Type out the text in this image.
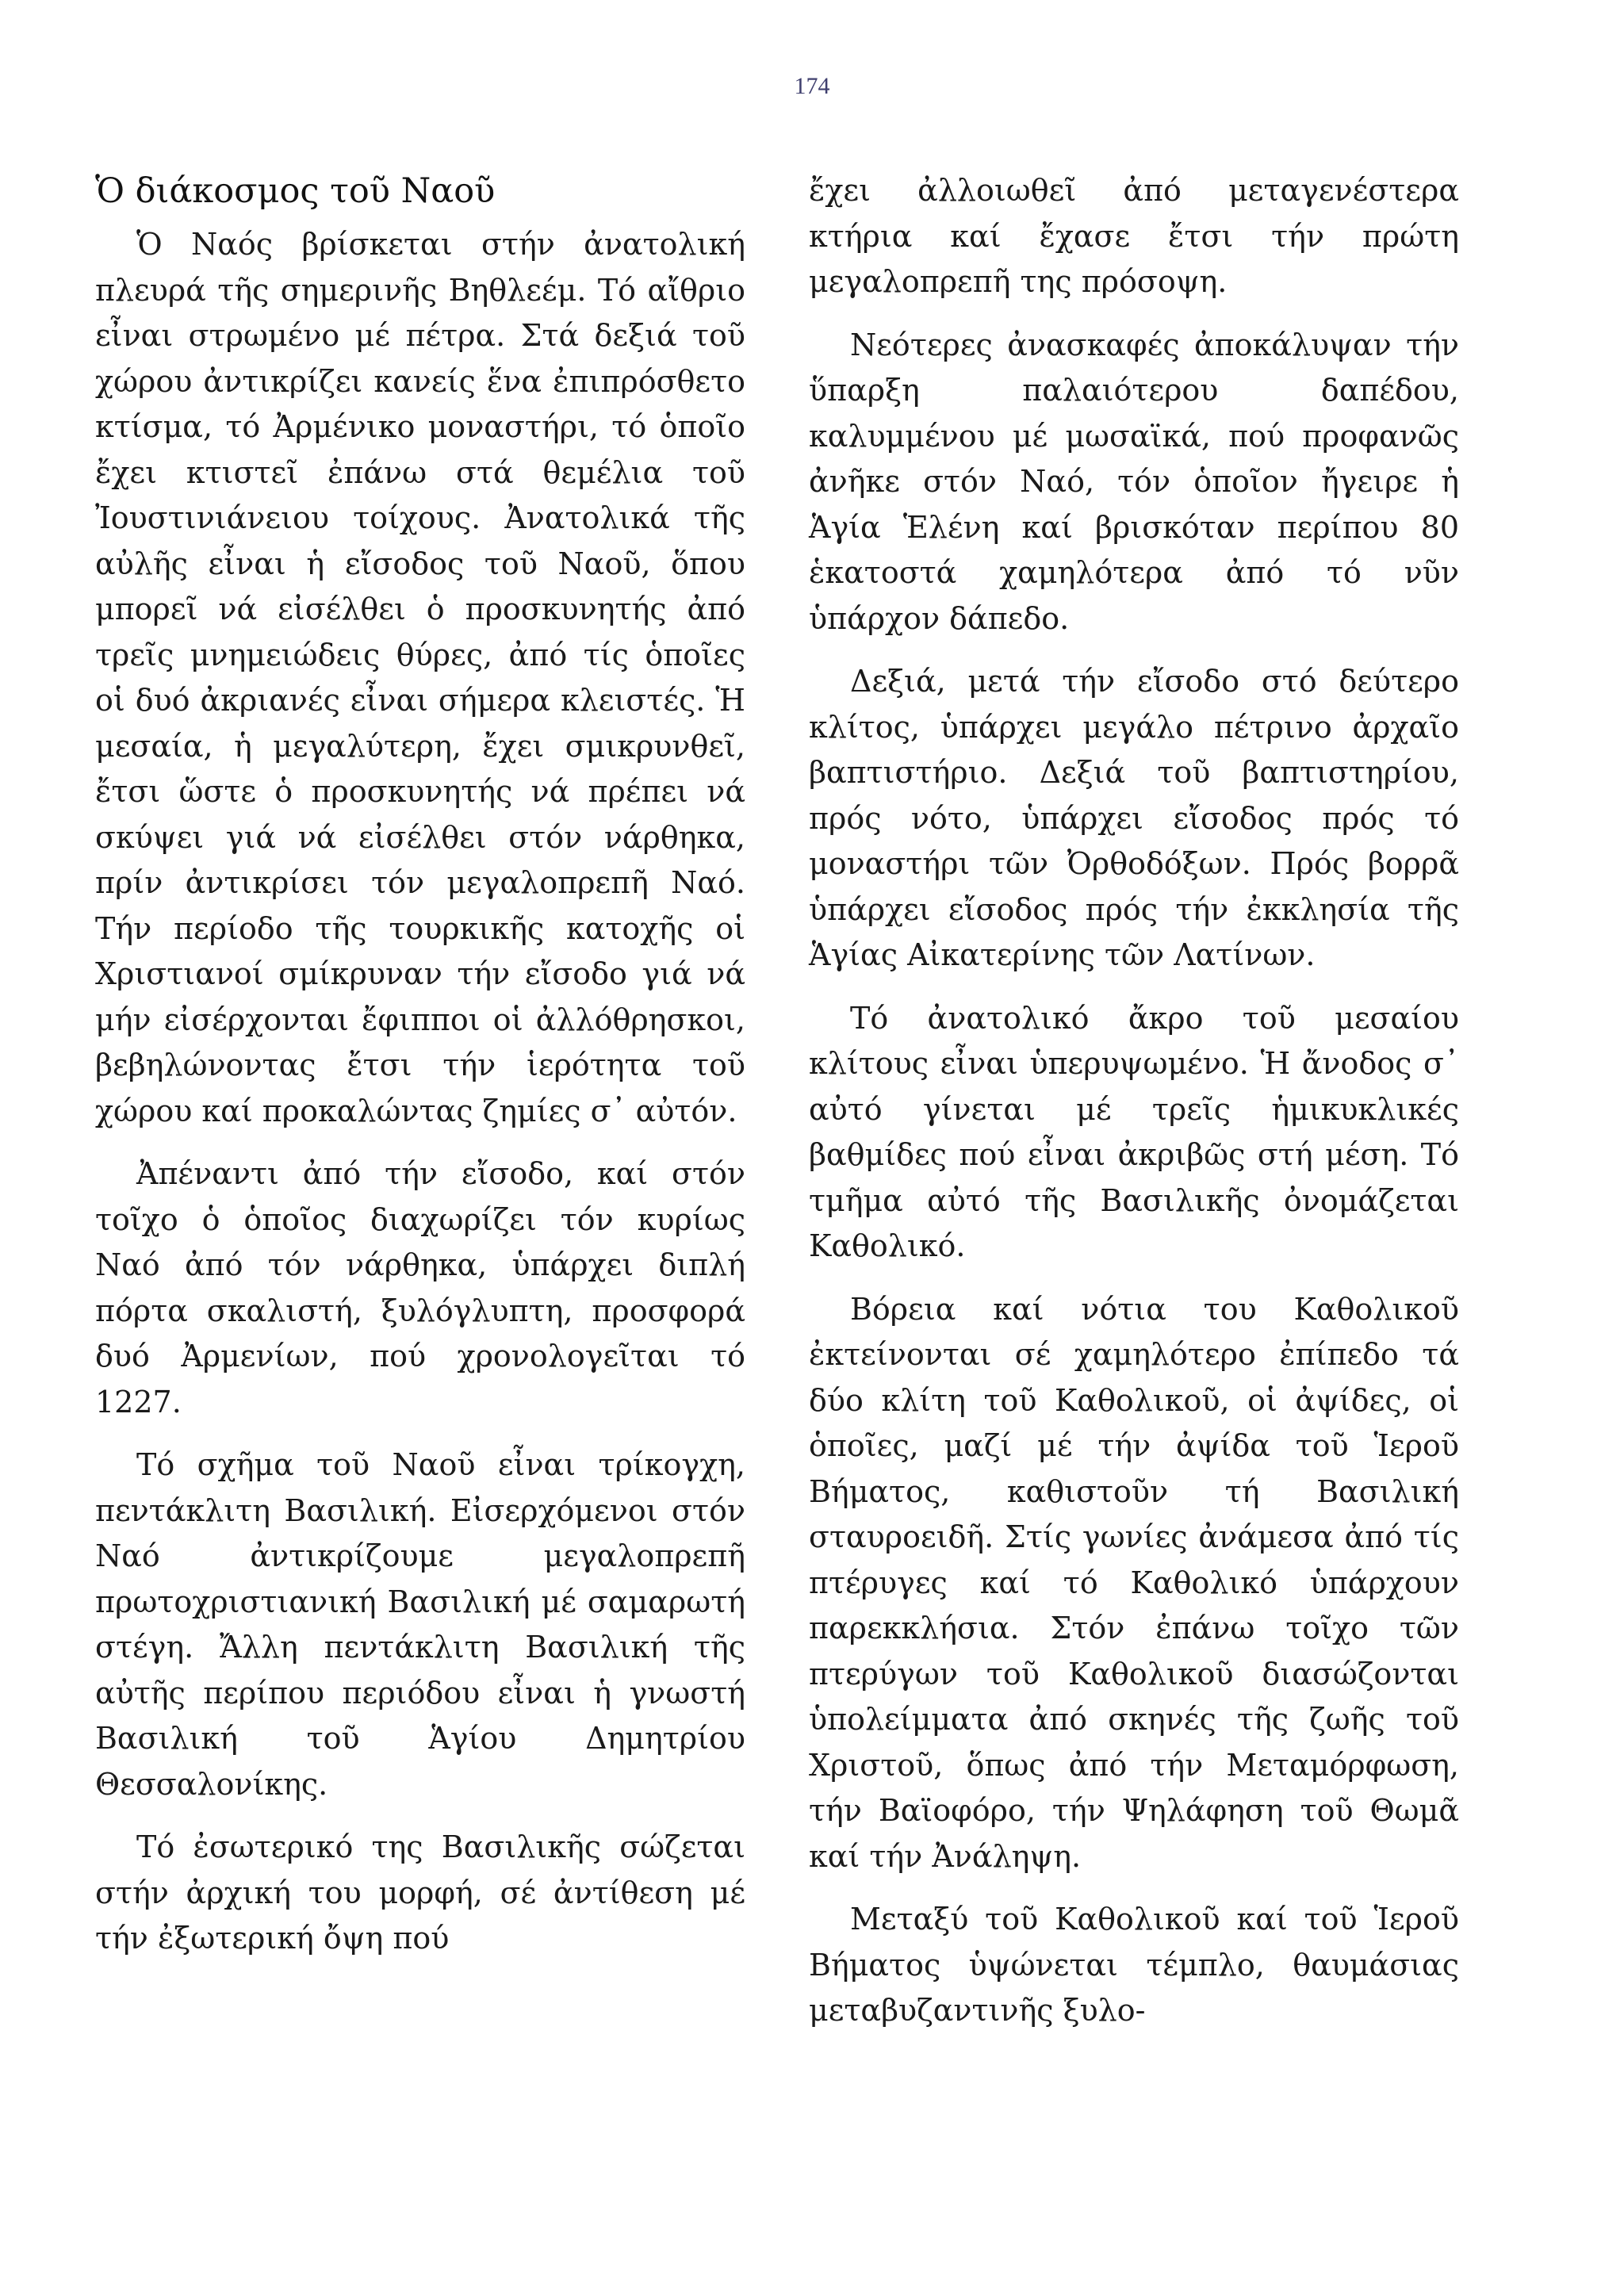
174
Ὁ διάκοσμος τοῦ Ναοῦ

Ὁ Ναός βρίσκεται στήν ἀνατολική πλευρά τῆς σημερινῆς Βηθλεέμ. Τό αἴθριο εἶναι στρωμένο μέ πέτρα. Στά δεξιά τοῦ χώρου ἀντικρίζει κανείς ἕνα ἐπιπρόσθετο κτίσμα, τό Ἀρμένικο μοναστήρι, τό ὁποῖο ἔχει κτιστεῖ ἐπάνω στά θεμέλια τοῦ Ἰουστινιάνειου τοίχους. Ἀνατολικά τῆς αὐλῆς εἶναι ἡ εἴσοδος τοῦ Ναοῦ, ὅπου μπορεῖ νά εἰσέλθει ὁ προσκυνητής ἀπό τρεῖς μνημειώδεις θύρες, ἀπό τίς ὁποῖες οἱ δυό ἀκριανές εἶναι σήμερα κλειστές. Ἡ μεσαία, ἡ μεγαλύτερη, ἔχει σμικρυνθεῖ, ἔτσι ὥστε ὁ προσκυνητής νά πρέπει νά σκύψει γιά νά εἰσέλθει στόν νάρθηκα, πρίν ἀντικρίσει τόν μεγαλοπρεπῆ Ναό. Τήν περίοδο τῆς τουρκικῆς κατοχῆς οἱ Χριστιανοί σμίκρυναν τήν εἴσοδο γιά νά μήν εἰσέρχονται ἔφιπποι οἱ ἀλλόθρησκοι, βεβηλώνοντας ἔτσι τήν ἱερότητα τοῦ χώρου καί προκαλώντας ζημίες σ᾽ αὐτόν.

Ἀπέναντι ἀπό τήν εἴσοδο, καί στόν τοῖχο ὁ ὁποῖος διαχωρίζει τόν κυρίως Ναό ἀπό τόν νάρθηκα, ὑπάρχει διπλή πόρτα σκαλιστή, ξυλόγλυπτη, προσφορά δυό Ἀρμενίων, πού χρονολογεῖται τό 1227.

Τό σχῆμα τοῦ Ναοῦ εἶναι τρίκογχη, πεντάκλιτη Βασιλική. Εἰσερχόμενοι στόν Ναό ἀντικρίζουμε μεγαλοπρεπῆ πρωτοχριστιανική Βασιλική μέ σαμαρωτή στέγη. Ἄλλη πεντάκλιτη Βασιλική τῆς αὐτῆς περίπου περιόδου εἶναι ἡ γνωστή Βασιλική τοῦ Ἁγίου Δημητρίου Θεσσαλονίκης.

Τό ἐσωτερικό της Βασιλικῆς σώζεται στήν ἀρχική του μορφή, σέ ἀντίθεση μέ τήν ἐξωτερική ὄψη πού

ἔχει ἀλλοιωθεῖ ἀπό μεταγενέστερα κτήρια καί ἔχασε ἔτσι τήν πρώτη μεγαλοπρεπῆ της πρόσοψη.

Νεότερες ἀνασκαφές ἀποκάλυψαν τήν ὕπαρξη παλαιότερου δαπέδου, καλυμμένου μέ μωσαϊκά, πού προφανῶς ἀνῆκε στόν Ναό, τόν ὁποῖον ἤγειρε ἡ Ἁγία Ἑλένη καί βρισκόταν περίπου 80 ἑκατοστά χαμηλότερα ἀπό τό νῦν ὑπάρχον δάπεδο.

Δεξιά, μετά τήν εἴσοδο στό δεύτερο κλίτος, ὑπάρχει μεγάλο πέτρινο ἀρχαῖο βαπτιστήριο. Δεξιά τοῦ βαπτιστηρίου, πρός νότο, ὑπάρχει εἴσοδος πρός τό μοναστήρι τῶν Ὀρθοδόξων. Πρός βορρᾶ ὑπάρχει εἴσοδος πρός τήν ἐκκλησία τῆς Ἁγίας Αἰκατερίνης τῶν Λατίνων.

Τό ἀνατολικό ἄκρο τοῦ μεσαίου κλίτους εἶναι ὑπερυψωμένο. Ἡ ἄνοδος σ᾽ αὐτό γίνεται μέ τρεῖς ἡμικυκλικές βαθμίδες πού εἶναι ἀκριβῶς στή μέση. Τό τμῆμα αὐτό τῆς Βασιλικῆς ὀνομάζεται Καθολικό.

Βόρεια καί νότια του Καθολικοῦ ἐκτείνονται σέ χαμηλότερο ἐπίπεδο τά δύο κλίτη τοῦ Καθολικοῦ, οἱ ἀψίδες, οἱ ὁποῖες, μαζί μέ τήν ἀψίδα τοῦ Ἱεροῦ Βήματος, καθιστοῦν τή Βασιλική σταυροειδῆ. Στίς γωνίες ἀνάμεσα ἀπό τίς πτέρυγες καί τό Καθολικό ὑπάρχουν παρεκκλήσια. Στόν ἐπάνω τοῖχο τῶν πτερύγων τοῦ Καθολικοῦ διασώζονται ὑπολείμματα ἀπό σκηνές τῆς ζωῆς τοῦ Χριστοῦ, ὅπως ἀπό τήν Μεταμόρφωση, τήν Βαϊοφόρο, τήν Ψηλάφηση τοῦ Θωμᾶ καί τήν Ἀνάληψη.

Μεταξύ τοῦ Καθολικοῦ καί τοῦ Ἱεροῦ Βήματος ὑψώνεται τέμπλο, θαυμάσιας μεταβυζαντινῆς ξυλο-
